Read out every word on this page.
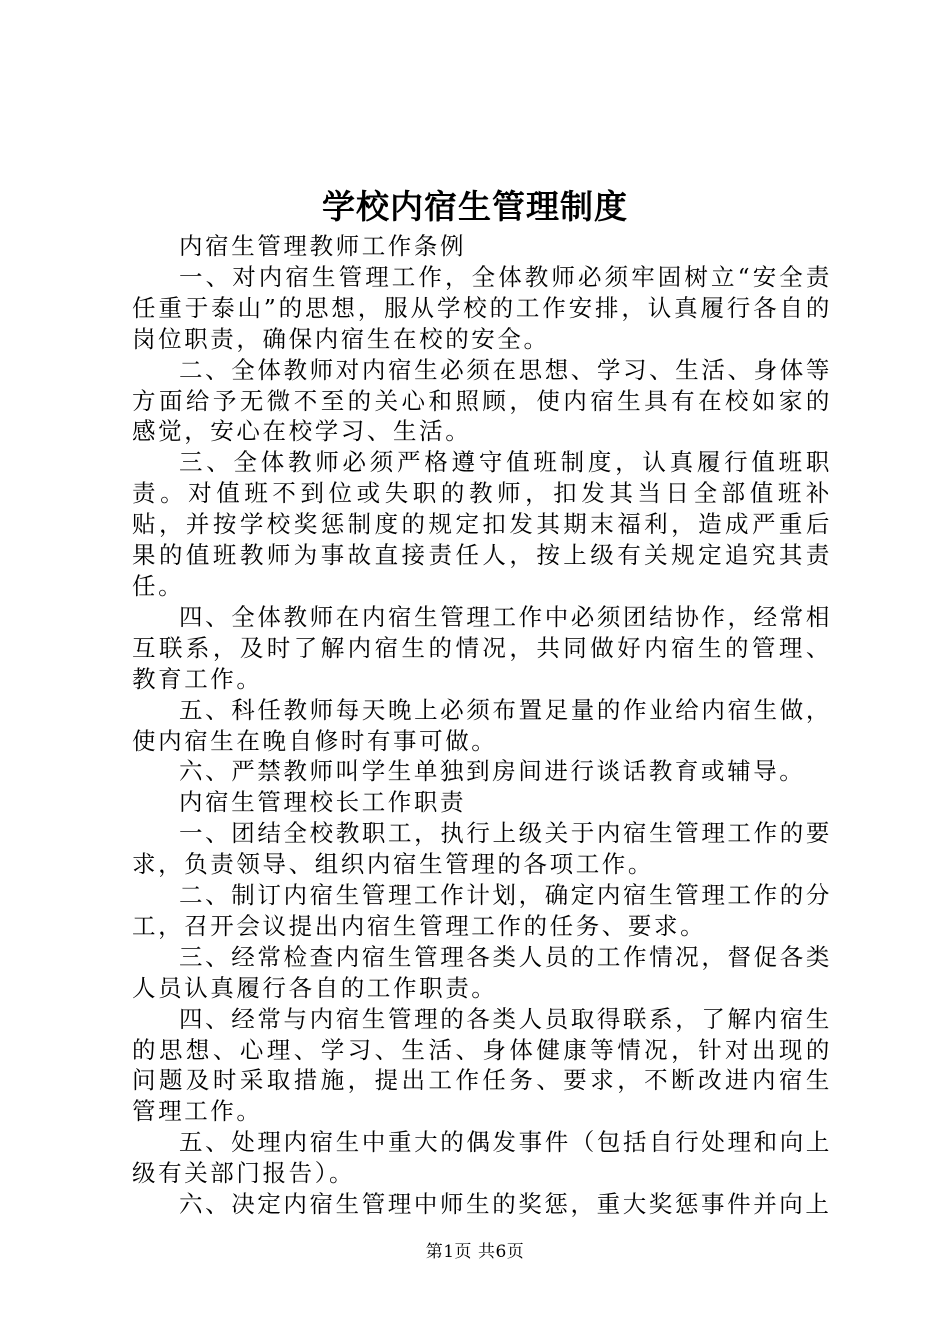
学校内宿生管理制度

内宿生管理教师工作条例

一、对内宿生管理工作，全体教师必须牢固树立“安全责任重于泰山”的思想，服从学校的工作安排，认真履行各自的岗位职责，确保内宿生在校的安全。

二、全体教师对内宿生必须在思想、学习、生活、身体等方面给予无微不至的关心和照顾，使内宿生具有在校如家的感觉，安心在校学习、生活。

三、全体教师必须严格遵守值班制度，认真履行值班职责。对值班不到位或失职的教师，扣发其当日全部值班补贴，并按学校奖惩制度的规定扣发其期末福利，造成严重后果的值班教师为事故直接责任人，按上级有关规定追究其责任。

四、全体教师在内宿生管理工作中必须团结协作，经常相互联系，及时了解内宿生的情况，共同做好内宿生的管理、教育工作。

五、科任教师每天晚上必须布置足量的作业给内宿生做，使内宿生在晚自修时有事可做。

六、严禁教师叫学生单独到房间进行谈话教育或辅导。

内宿生管理校长工作职责

一、团结全校教职工，执行上级关于内宿生管理工作的要求，负责领导、组织内宿生管理的各项工作。

二、制订内宿生管理工作计划，确定内宿生管理工作的分工，召开会议提出内宿生管理工作的任务、要求。

三、经常检查内宿生管理各类人员的工作情况，督促各类人员认真履行各自的工作职责。

四、经常与内宿生管理的各类人员取得联系，了解内宿生的思想、心理、学习、生活、身体健康等情况，针对出现的问题及时采取措施，提出工作任务、要求，不断改进内宿生管理工作。

五、处理内宿生中重大的偶发事件（包括自行处理和向上级有关部门报告）。

六、决定内宿生管理中师生的奖惩，重大奖惩事件并向上

第1页 共6页
